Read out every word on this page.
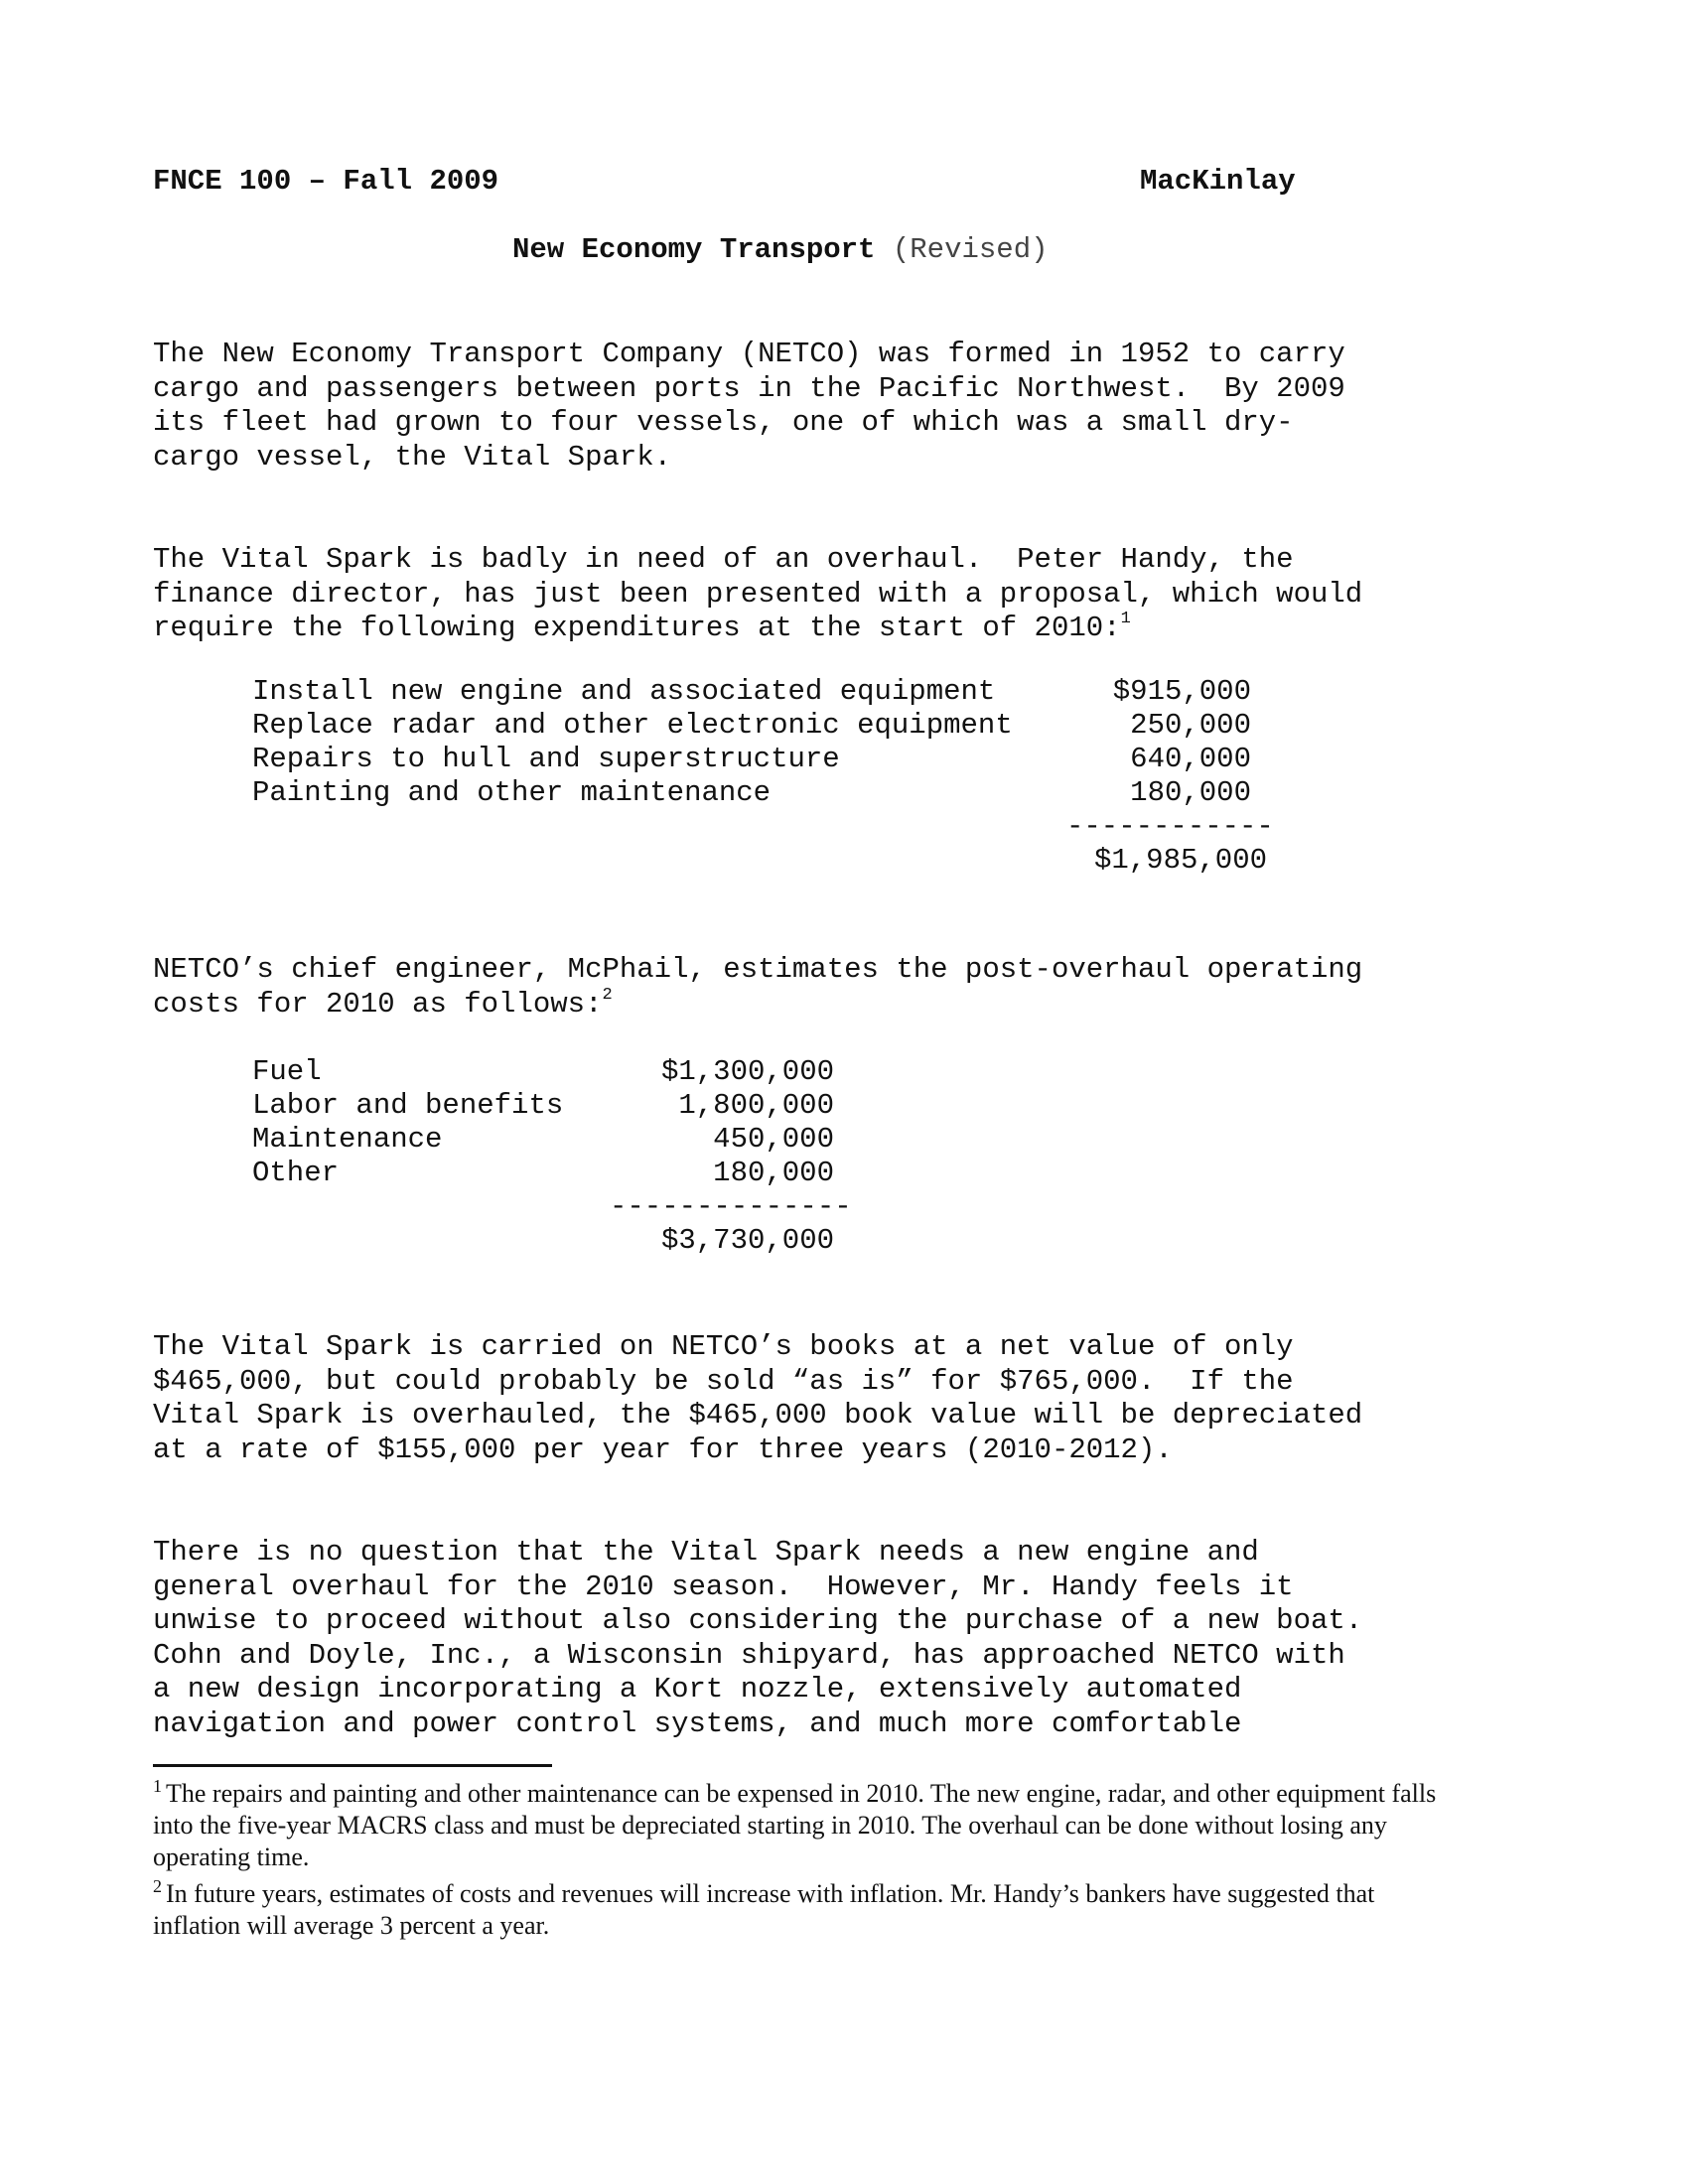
FNCE 100 – Fall 2009	MacKinlay
New Economy Transport (Revised)

The New Economy Transport Company (NETCO) was formed in 1952 to carry
cargo and passengers between ports in the Pacific Northwest.  By 2009
its fleet had grown to four vessels, one of which was a small dry-
cargo vessel, the Vital Spark.

The Vital Spark is badly in need of an overhaul.  Peter Handy, the
finance director, has just been presented with a proposal, which would
require the following expenditures at the start of 2010:$^1$

Install new engine and associated equipment	$915,000
Replace radar and other electronic equipment	250,000
Repairs to hull and superstructure	640,000
Painting and other maintenance	180,000
------------
$1,985,000

NETCO’s chief engineer, McPhail, estimates the post-overhaul operating
costs for 2010 as follows:$^2$

Fuel	$1,300,000
Labor and benefits	1,800,000
Maintenance	450,000
Other	180,000
--------------
$3,730,000

The Vital Spark is carried on NETCO’s books at a net value of only
$465,000, but could probably be sold “as is” for $765,000.  If the
Vital Spark is overhauled, the $465,000 book value will be depreciated
at a rate of $155,000 per year for three years (2010-2012).

There is no question that the Vital Spark needs a new engine and
general overhaul for the 2010 season.  However, Mr. Handy feels it
unwise to proceed without also considering the purchase of a new boat.
Cohn and Doyle, Inc., a Wisconsin shipyard, has approached NETCO with
a new design incorporating a Kort nozzle, extensively automated
navigation and power control systems, and much more comfortable

$^1$ The repairs and painting and other maintenance can be expensed in 2010. The new engine, radar, and other equipment falls into the five-year MACRS class and must be depreciated starting in 2010. The overhaul can be done without losing any operating time.

$^2$ In future years, estimates of costs and revenues will increase with inflation. Mr. Handy’s bankers have suggested that inflation will average 3 percent a year.
